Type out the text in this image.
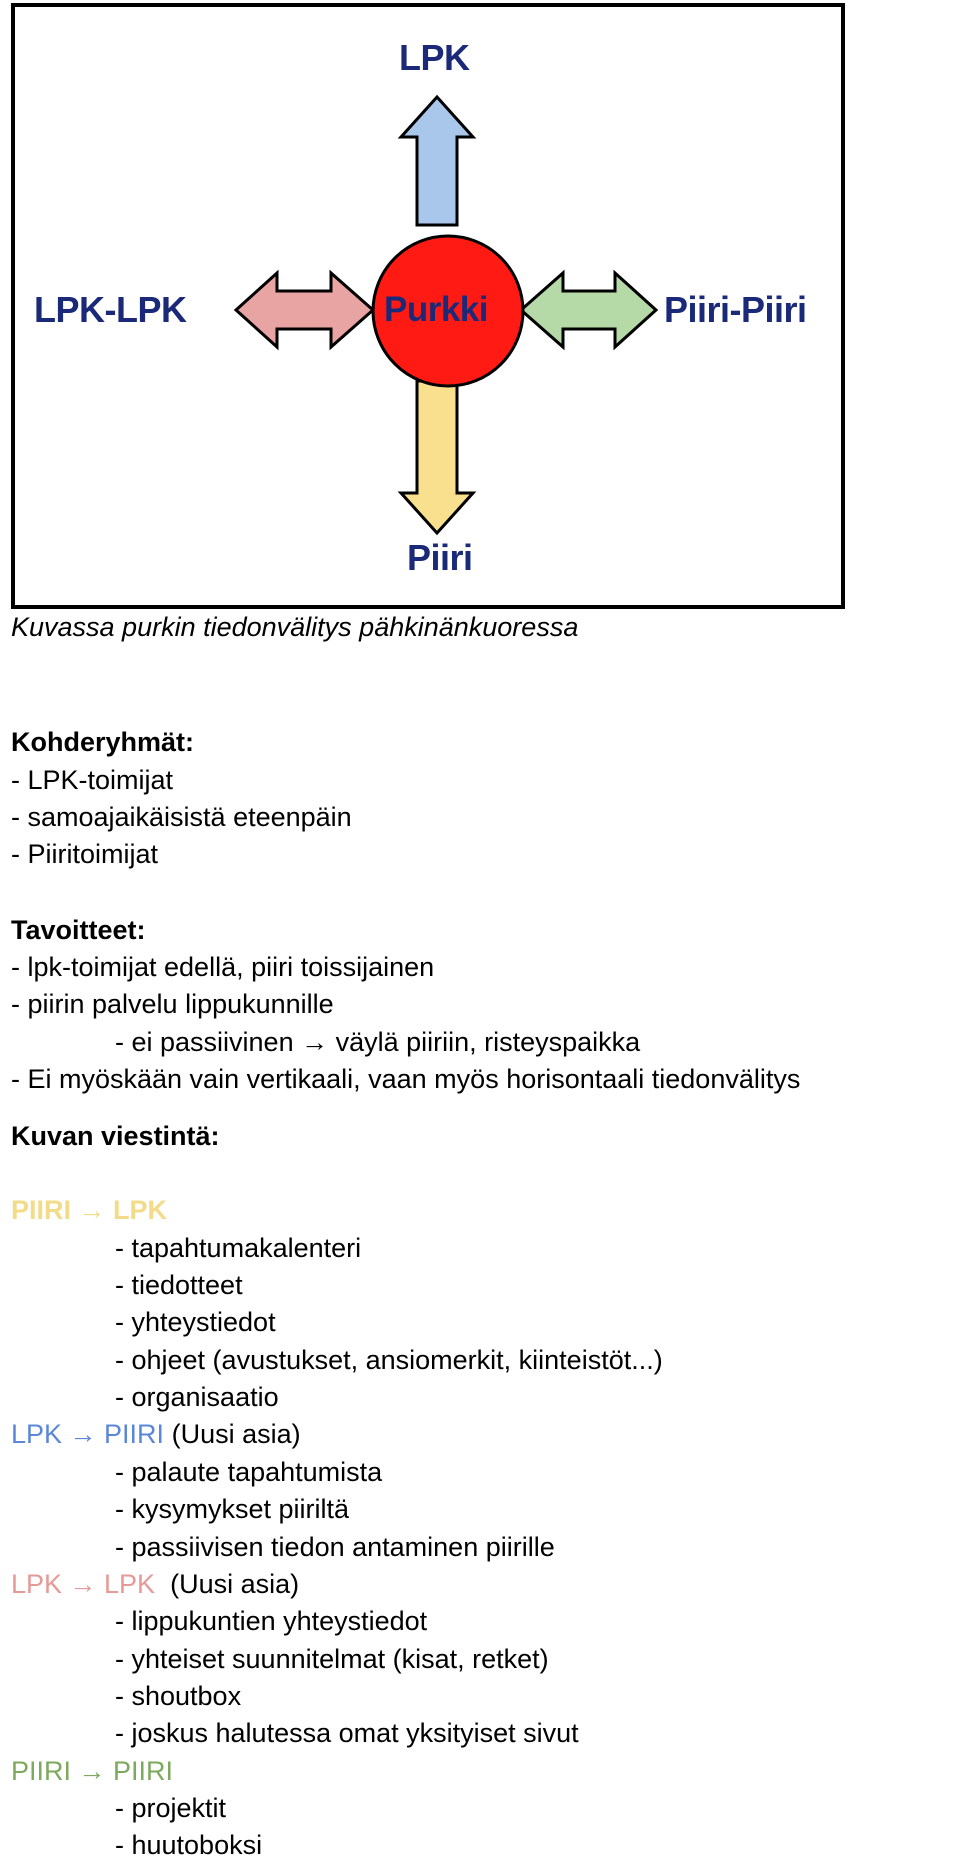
Purkki
LPK
LPK-LPK	Piiri-Piiri
Piiri
Kuvassa purkin tiedonvälitys pähkinänkuoressa
Kohderyhmät:
- LPK-toimijat
- samoajaikäisistä eteenpäin
- Piiritoimijat
Tavoitteet:
- lpk-toimijat edellä, piiri toissijainen
- piirin palvelu lippukunnille
- ei passiivinen → väylä piiriin, risteyspaikka
- Ei myöskään vain vertikaali, vaan myös horisontaali tiedonvälitys
Kuvan viestintä:
PIIRI → LPK
- tapahtumakalenteri
- tiedotteet
- yhteystiedot
- ohjeet (avustukset, ansiomerkit, kiinteistöt...)
- organisaatio
LPK → PIIRI (Uusi asia)
- palaute tapahtumista
- kysymykset piiriltä
- passiivisen tiedon antaminen piirille
LPK → LPK (Uusi asia)
- lippukuntien yhteystiedot
- yhteiset suunnitelmat (kisat, retket)
- shoutbox
- joskus halutessa omat yksityiset sivut
PIIRI → PIIRI
- projektit
- huutoboksi
